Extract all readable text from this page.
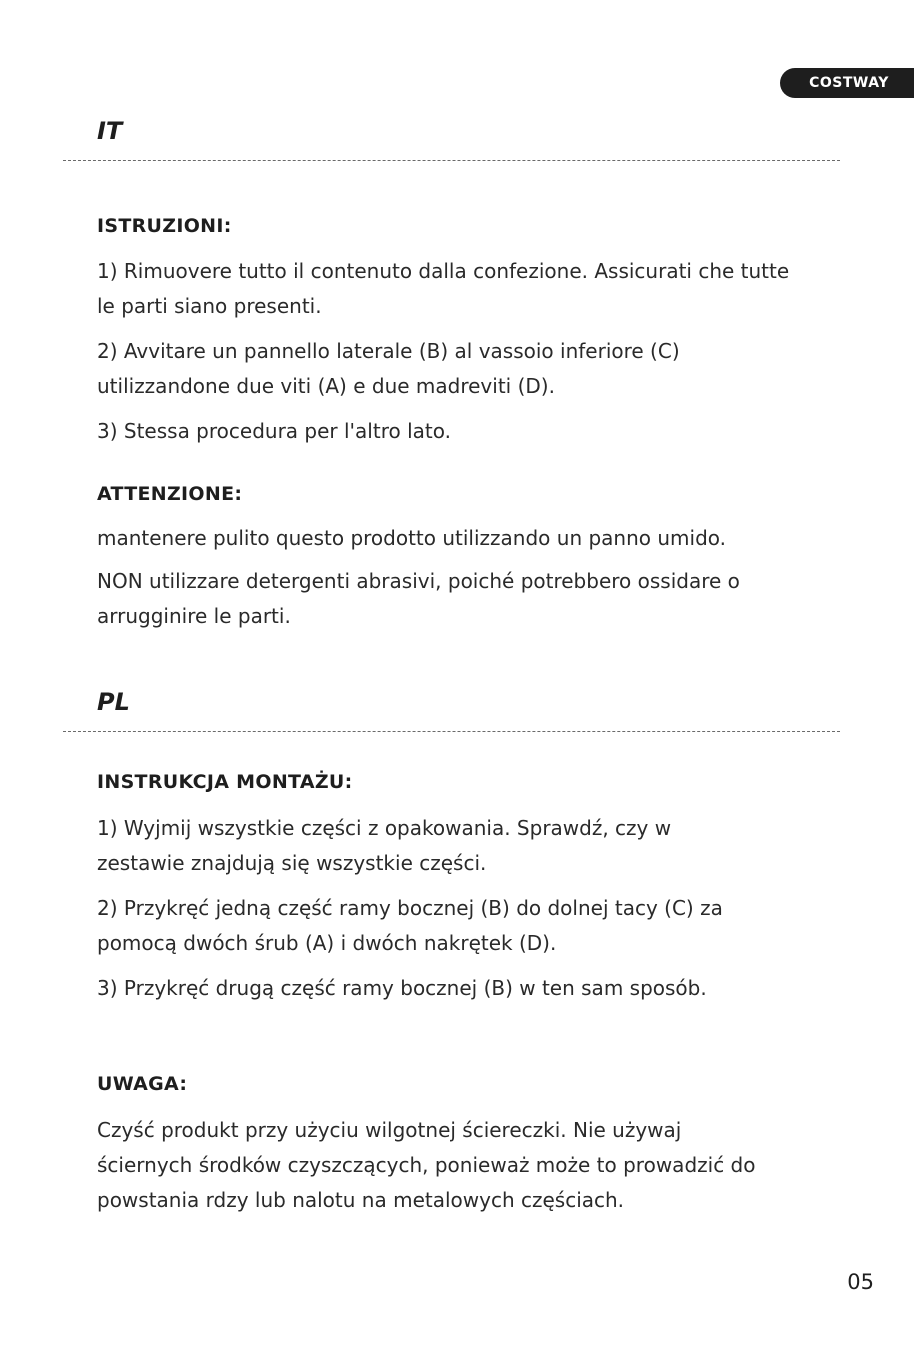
COSTWAY
IT
ISTRUZIONI:

1) Rimuovere tutto il contenuto dalla confezione. Assicurati che tutte le parti siano presenti.

2) Avvitare un pannello laterale (B) al vassoio inferiore (C) utilizzandone due viti (A) e due madreviti (D).

3) Stessa procedura per l'altro lato.

ATTENZIONE:

mantenere pulito questo prodotto utilizzando un panno umido.

NON utilizzare detergenti abrasivi, poiché potrebbero ossidare o arrugginire le parti.

PL
INSTRUKCJA MONTAŻU:

1) Wyjmij wszystkie części z opakowania. Sprawdź, czy w zestawie znajdują się wszystkie części.

2) Przykręć jedną część ramy bocznej (B) do dolnej tacy (C) za pomocą dwóch śrub (A) i dwóch nakrętek (D).

3) Przykręć drugą część ramy bocznej (B) w ten sam sposób.

UWAGA:

Czyść produkt przy użyciu wilgotnej ściereczki. Nie używaj ściernych środków czyszczących, ponieważ może to prowadzić do powstania rdzy lub nalotu na metalowych częściach.

05
